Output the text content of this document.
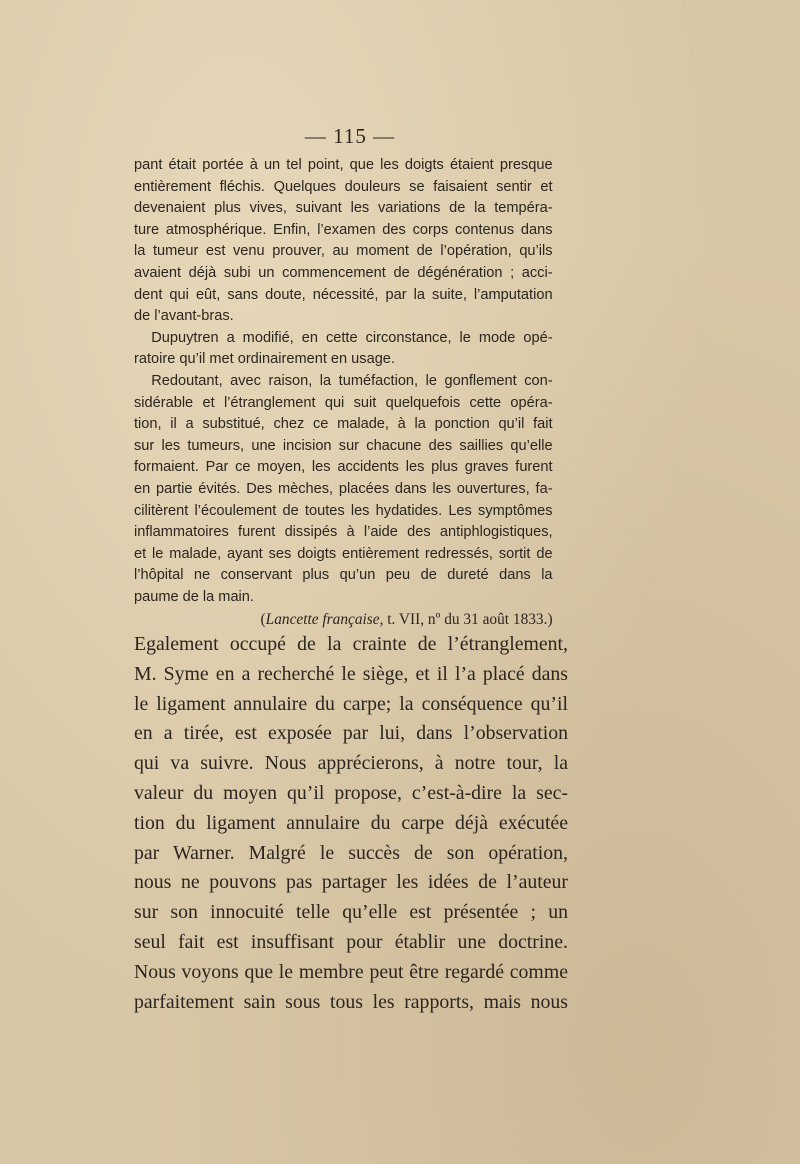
— 115 —
pant était portée à un tel point, que les doigts étaient presque
entièrement fléchis. Quelques douleurs se faisaient sentir et
devenaient plus vives, suivant les variations de la tempéra-
ture atmosphérique. Enfin, l’examen des corps contenus dans
la tumeur est venu prouver, au moment de l’opération, qu’ils
avaient déjà subi un commencement de dégénération ; acci-
dent qui eût, sans doute, nécessité, par la suite, l’amputation
de l’avant-bras.
Dupuytren a modifié, en cette circonstance, le mode opé-
ratoire qu’il met ordinairement en usage.
Redoutant, avec raison, la tuméfaction, le gonflement con-
sidérable et l’étranglement qui suit quelquefois cette opéra-
tion, il a substitué, chez ce malade, à la ponction qu’il fait
sur les tumeurs, une incision sur chacune des saillies qu’elle
formaient. Par ce moyen, les accidents les plus graves furent
en partie évités. Des mèches, placées dans les ouvertures, fa-
cilitèrent l’écoulement de toutes les hydatides. Les symptômes
inflammatoires furent dissipés à l’aide des antiphlogistiques,
et le malade, ayant ses doigts entièrement redressés, sortit de
l’hôpital ne conservant plus qu’un peu de dureté dans la
paume de la main.

(Lancette française, t. VII, nº du 31 août 1833.)

Egalement occupé de la crainte de l’étranglement,
M. Syme en a recherché le siège, et il l’a placé dans
le ligament annulaire du carpe; la conséquence qu’il
en a tirée, est exposée par lui, dans l’observation
qui va suivre. Nous apprécierons, à notre tour, la
valeur du moyen qu’il propose, c’est-à-dire la sec-
tion du ligament annulaire du carpe déjà exécutée
par Warner. Malgré le succès de son opération,
nous ne pouvons pas partager les idées de l’auteur
sur son innocuité telle qu’elle est présentée ; un
seul fait est insuffisant pour établir une doctrine.
Nous voyons que le membre peut être regardé comme
parfaitement sain sous tous les rapports, mais nous
